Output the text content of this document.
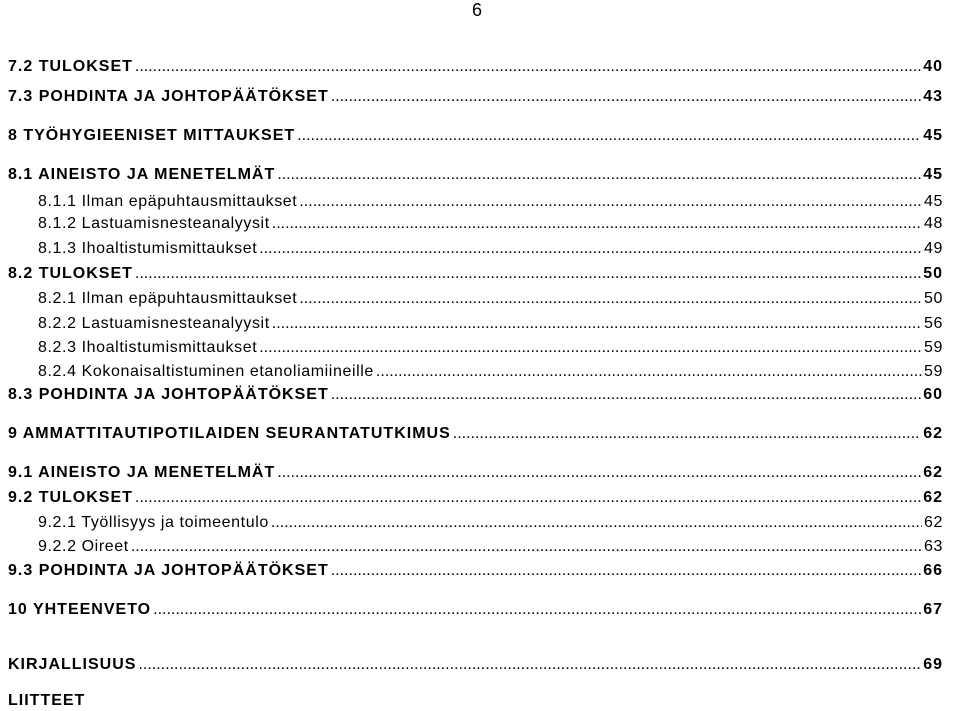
6
7.2 TULOKSET .....	40
7.3 POHDINTA JA JOHTOPÄÄTÖKSET .....	43
8 TYÖHYGIEENISET MITTAUKSET .....	45
8.1 AINEISTO JA MENETELMÄT .....	45
8.1.1 Ilman epäpuhtausmittaukset .....	45
8.1.2 Lastuamisnesteanalyysit .....	48
8.1.3 Ihoaltistumismittaukset .....	49
8.2 TULOKSET .....	50
8.2.1 Ilman epäpuhtausmittaukset .....	50
8.2.2 Lastuamisnesteanalyysit .....	56
8.2.3 Ihoaltistumismittaukset .....	59
8.2.4 Kokonaisaltistuminen etanoliamiineille .....	59
8.3 POHDINTA JA JOHTOPÄÄTÖKSET .....	60
9 AMMATTITAUTIPOTILAIDEN SEURANTATUTKIMUS .....	62
9.1 AINEISTO JA MENETELMÄT .....	62
9.2 TULOKSET .....	62
9.2.1 Työllisyys ja toimeentulo .....	62
9.2.2 Oireet .....	63
9.3 POHDINTA JA JOHTOPÄÄTÖKSET .....	66
10 YHTEENVETO .....	67
KIRJALLISUUS .....	69
LIITTEET
